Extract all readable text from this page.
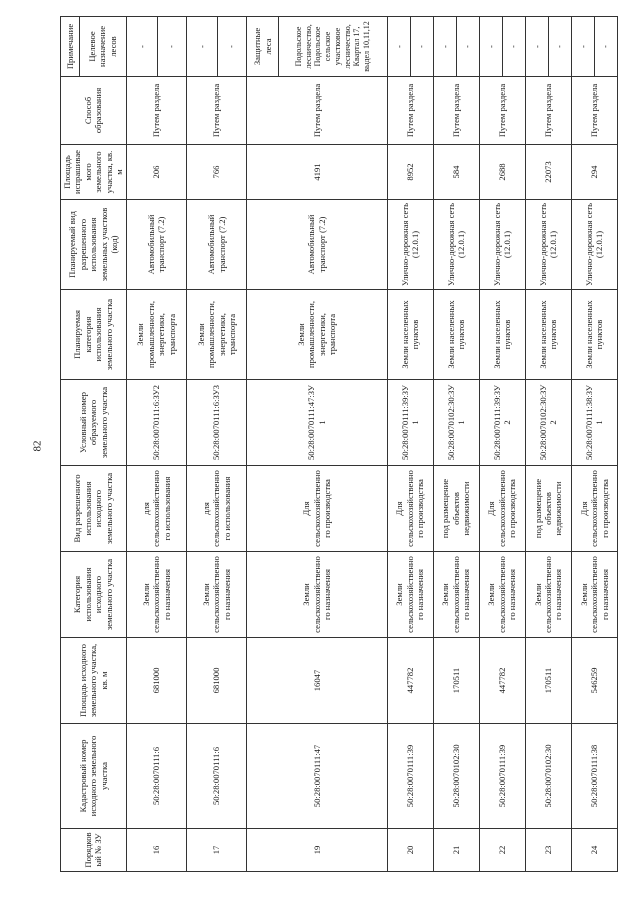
82
Порядковый № ЗУ	Кадастровый номер исходного земельного участка	Площадь исходного земельного участка, кв. м	Категория использования исходного земельного участка	Вид разрешенного использования исходного земельного участка	Условный номер образуемого земельного участка	Планируемая категория использования земельного участка	Планируемый вид разрешенного использования земельных участков (код)	Площадь испрашиваемого земельного участка, кв. м	Способ образования	Примечание
										Целевое назначение лесов
16	50:28:0070111:6	681000	Земли сельскохозяйственного назначения	для сельскохозяйственного использования	50:28:0070111:6:ЗУ2	Земли промышленности, энергетики, транспорта	Автомобильный транспорт (7.2)	206	Путем раздела	-
										-
17	50:28:0070111:6	681000	Земли сельскохозяйственного назначения	для сельскохозяйственного использования	50:28:0070111:6:ЗУ3	Земли промышленности, энергетики, транспорта	Автомобильный транспорт (7.2)	766	Путем раздела	-
										-
19	50:28:0070111:47	16047	Земли сельскохозяйственного назначения	Для сельскохозяйственного производства	50:28:0070111:47:ЗУ1	Земли промышленности, энергетики, транспорта	Автомобильный транспорт (7.2)	4191	Путем раздела	Защитные леса
										Подольское лесничество, Подольское сельское участковое лесничество, Квартал 17, выдел 10,11,12
20	50:28:0070111:39	447782	Земли сельскохозяйственного назначения	Для сельскохозяйственного производства	50:28:0070111:39:ЗУ1	Земли населенных пунктов	Улично-дорожная сеть (12.0.1)	8952	Путем раздела	-
										-
21	50:28:0070102:30	170511	Земли сельскохозяйственного назначения	под размещение объектов недвижимости	50:28:0070102:30:ЗУ1	Земли населенных пунктов	Улично-дорожная сеть (12.0.1)	584	Путем раздела	-
										-
22	50:28:0070111:39	447782	Земли сельскохозяйственного назначения	Для сельскохозяйственного производства	50:28:0070111:39:ЗУ2	Земли населенных пунктов	Улично-дорожная сеть (12.0.1)	2688	Путем раздела	-
										-
23	50:28:0070102:30	170511	Земли сельскохозяйственного назначения	под размещение объектов недвижимости	50:28:0070102:30:ЗУ2	Земли населенных пунктов	Улично-дорожная сеть (12.0.1)	22073	Путем раздела	-
										-
24	50:28:0070111:38	546259	Земли сельскохозяйственного назначения	Для сельскохозяйственного производства	50:28:0070111:38:ЗУ1	Земли населенных пунктов	Улично-дорожная сеть (12.0.1)	294	Путем раздела	-
										-
